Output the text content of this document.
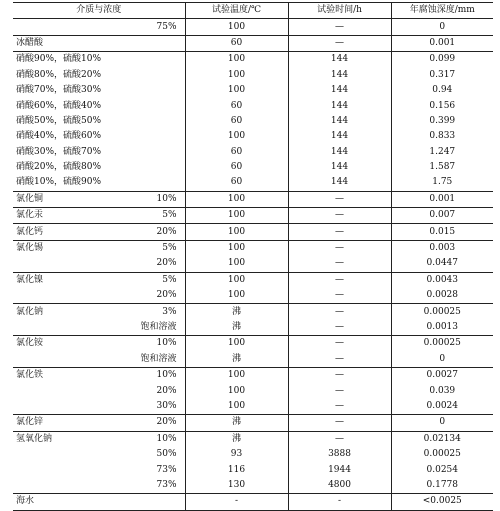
介质与浓度		试验温度/℃	试验时间/h	年腐蚀深度/mm
	75%	100	—	0
冰醋酸		60	—	0.001
硝酸90%，硫酸10%		100	144	0.099
硝酸80%，硫酸20%		100	144	0.317
硝酸70%，硫酸30%		100	144	0.94
硝酸60%，硫酸40%		60	144	0.156
硝酸50%，硫酸50%		60	144	0.399
硝酸40%，硫酸60%		100	144	0.833
硝酸30%，硫酸70%		60	144	1.247
硝酸20%，硫酸80%		60	144	1.587
硝酸10%，硫酸90%		60	144	1.75
氯化铜	10%	100	—	0.001
氯化汞	5%	100	—	0.007
氯化钙	20%	100	—	0.015
氯化锡	5%	100	—	0.003
	20%	100	—	0.0447
氯化镍	5%	100	—	0.0043
	20%	100	—	0.0028
氯化钠	3%	沸	—	0.00025
	饱和溶液	沸	—	0.0013
氯化铵	10%	100	—	0.00025
	饱和溶液	沸	—	0
氯化铁	10%	100	—	0.0027
	20%	100	—	0.039
	30%	100	—	0.0024
氯化锌	20%	沸	—	0
氢氧化钠	10%	沸	—	0.02134
	50%	93	3888	0.00025
	73%	116	1944	0.0254
	73%	130	4800	0.1778
海水		-	-	<0.0025
